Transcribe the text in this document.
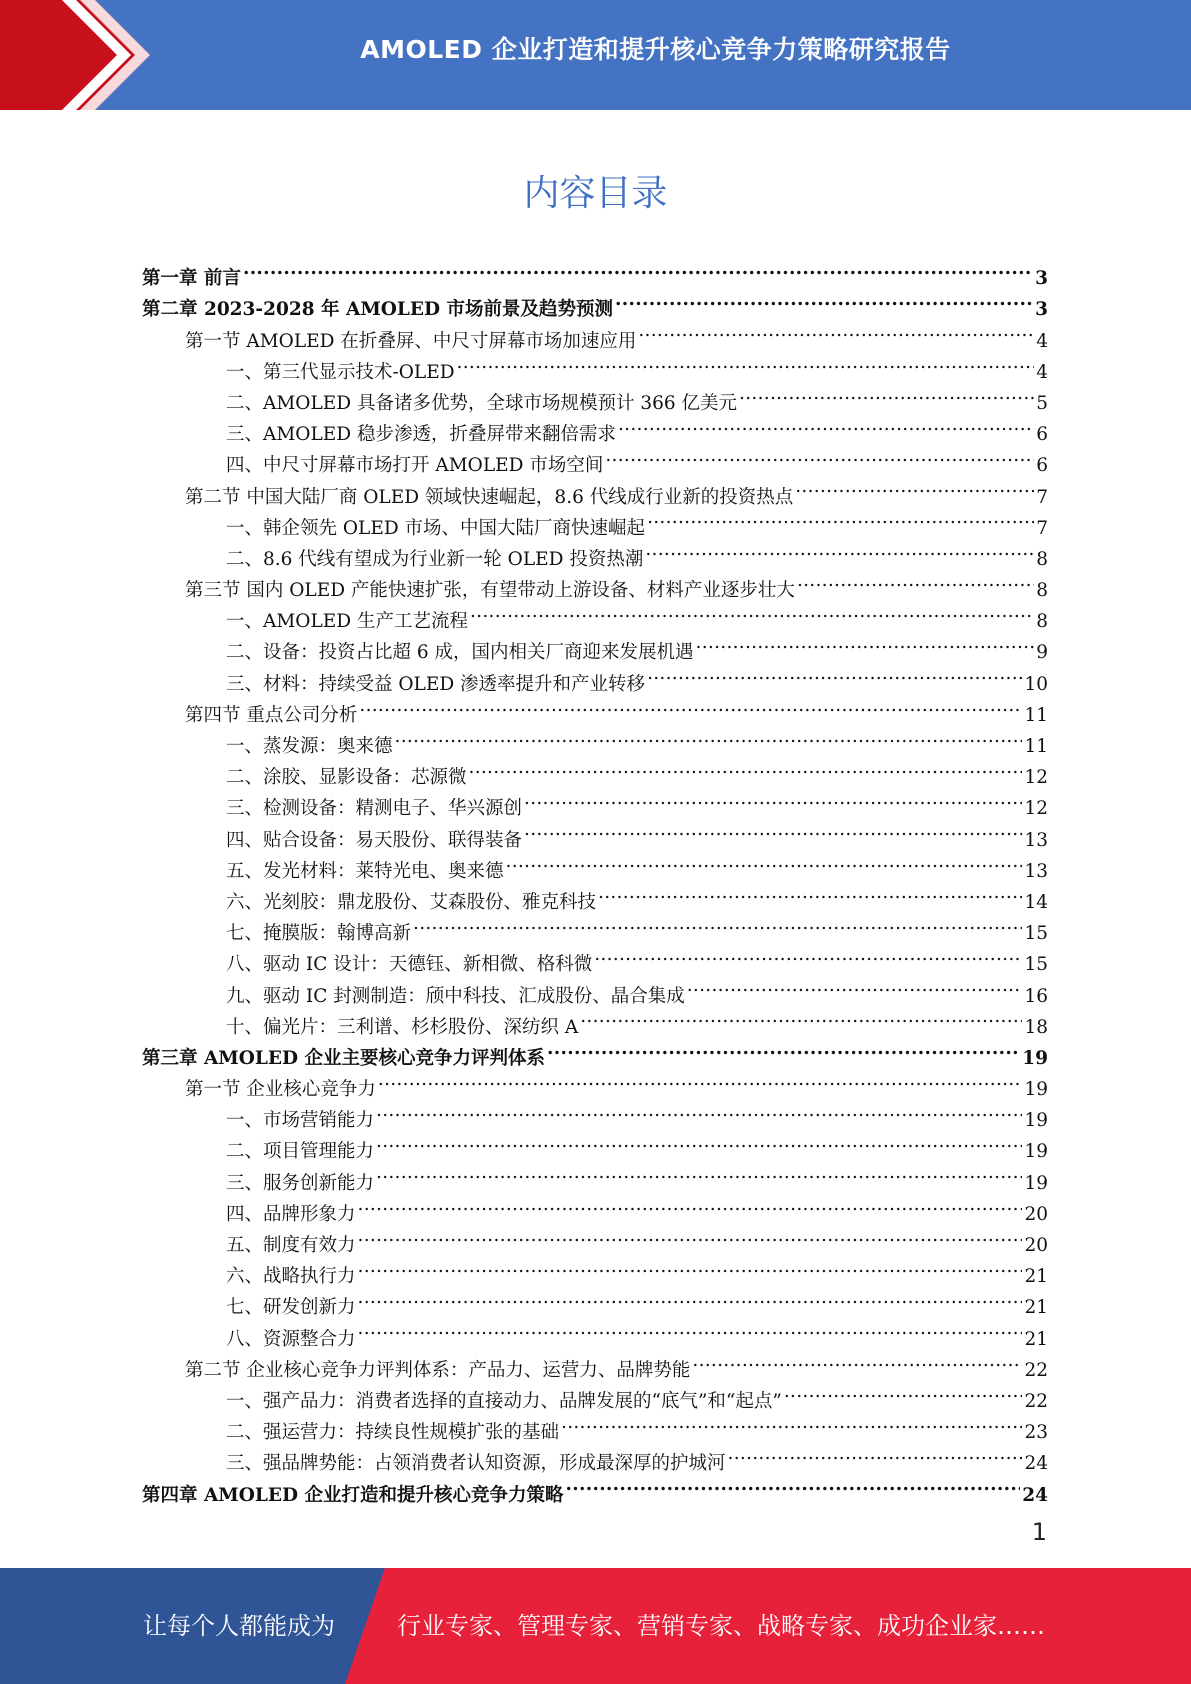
AMOLED 企业打造和提升核心竞争力策略研究报告
内容目录
第一章 前言 .....	3
第二章 2023-2028 年 AMOLED 市场前景及趋势预测 .....	3
第一节 AMOLED 在折叠屏、中尺寸屏幕市场加速应用 .....	4
一、第三代显示技术-OLED .....	4
二、AMOLED 具备诸多优势，全球市场规模预计 366 亿美元 .....	5
三、AMOLED 稳步渗透，折叠屏带来翻倍需求 .....	6
四、中尺寸屏幕市场打开 AMOLED 市场空间 .....	6
第二节 中国大陆厂商 OLED 领域快速崛起，8.6 代线成行业新的投资热点 .....	7
一、韩企领先 OLED 市场、中国大陆厂商快速崛起 .....	7
二、8.6 代线有望成为行业新一轮 OLED 投资热潮 .....	8
第三节 国内 OLED 产能快速扩张，有望带动上游设备、材料产业逐步壮大 .....	8
一、AMOLED 生产工艺流程 .....	8
二、设备：投资占比超 6 成，国内相关厂商迎来发展机遇 .....	9
三、材料：持续受益 OLED 渗透率提升和产业转移 .....	10
第四节 重点公司分析 .....	11
一、蒸发源：奥来德 .....	11
二、涂胶、显影设备：芯源微 .....	12
三、检测设备：精测电子、华兴源创 .....	12
四、贴合设备：易天股份、联得装备 .....	13
五、发光材料：莱特光电、奥来德 .....	13
六、光刻胶：鼎龙股份、艾森股份、雅克科技 .....	14
七、掩膜版：翰博高新 .....	15
八、驱动 IC 设计：天德钰、新相微、格科微 .....	15
九、驱动 IC 封测制造：颀中科技、汇成股份、晶合集成 .....	16
十、偏光片：三利谱、杉杉股份、深纺织 A .....	18
第三章 AMOLED 企业主要核心竞争力评判体系 .....	19
第一节 企业核心竞争力 .....	19
一、市场营销能力 .....	19
二、项目管理能力 .....	19
三、服务创新能力 .....	19
四、品牌形象力 .....	20
五、制度有效力 .....	20
六、战略执行力 .....	21
七、研发创新力 .....	21
八、资源整合力 .....	21
第二节 企业核心竞争力评判体系：产品力、运营力、品牌势能 .....	22
一、强产品力：消费者选择的直接动力、品牌发展的“底气”和“起点” .....	22
二、强运营力：持续良性规模扩张的基础 .....	23
三、强品牌势能：占领消费者认知资源，形成最深厚的护城河 .....	24
第四章 AMOLED 企业打造和提升核心竞争力策略 .....	24
1
让每个人都能成为	行业专家、管理专家、营销专家、战略专家、成功企业家……
